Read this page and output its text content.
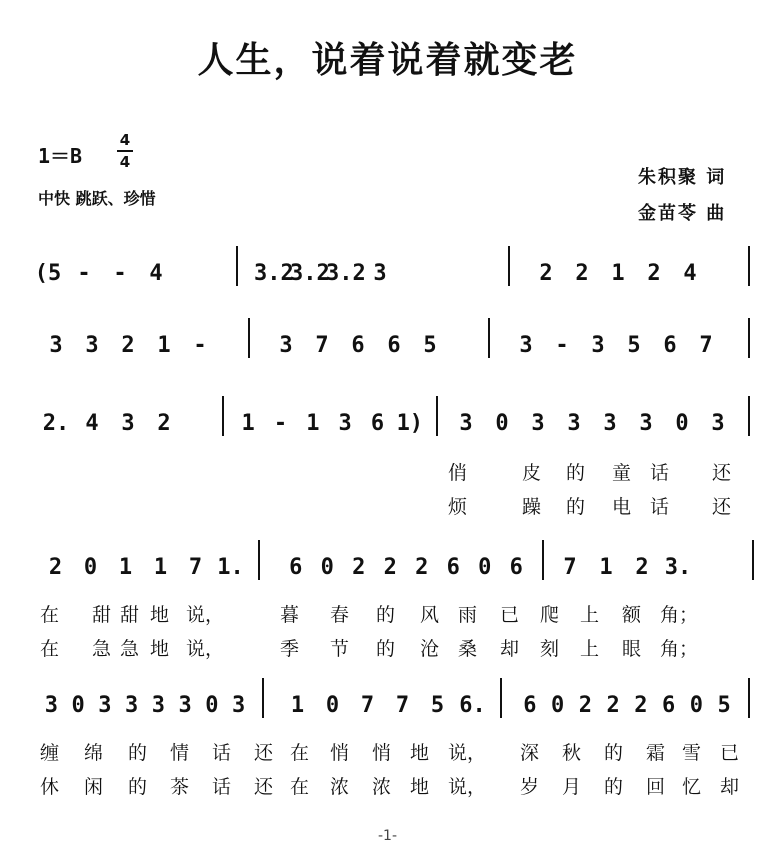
人生，说着说着就变老
1＝B
4
4
中快 跳跃、珍惜
朱积聚 词
金苗苓 曲
(5 -	-	4	3.2
3.2
3.2 3	2	2	1	2	4
3	3	2	1	-	3	7	6	6	5	3	-	3	5	6	7
2. 4	3	2	1 - 1 3 6 1)	3	0	3	3	3	3	0	3
俏	皮 的 童 话 还
烦	躁 的 电 话 还
2 0 1 1 7 1.	6 0 2 2 2 6 0 6	7	1	2 3.
在 甜 甜 地 说，	暮 春 的 风 雨 已 爬 上 额 角；
在 急 急 地 说，	季 节 的 沧 桑 却 刻 上 眼 角；
3 0 3 3 3 3 0 3	1 0 7 7 5 6.	6 0 2 2 2 6 0 5
缠 绵 的 情 话 还 在 悄 悄 地 说， 深 秋 的 霜 雪 已
休 闲 的 茶 话 还 在 浓 浓 地 说， 岁 月 的 回 忆 却
-1-
